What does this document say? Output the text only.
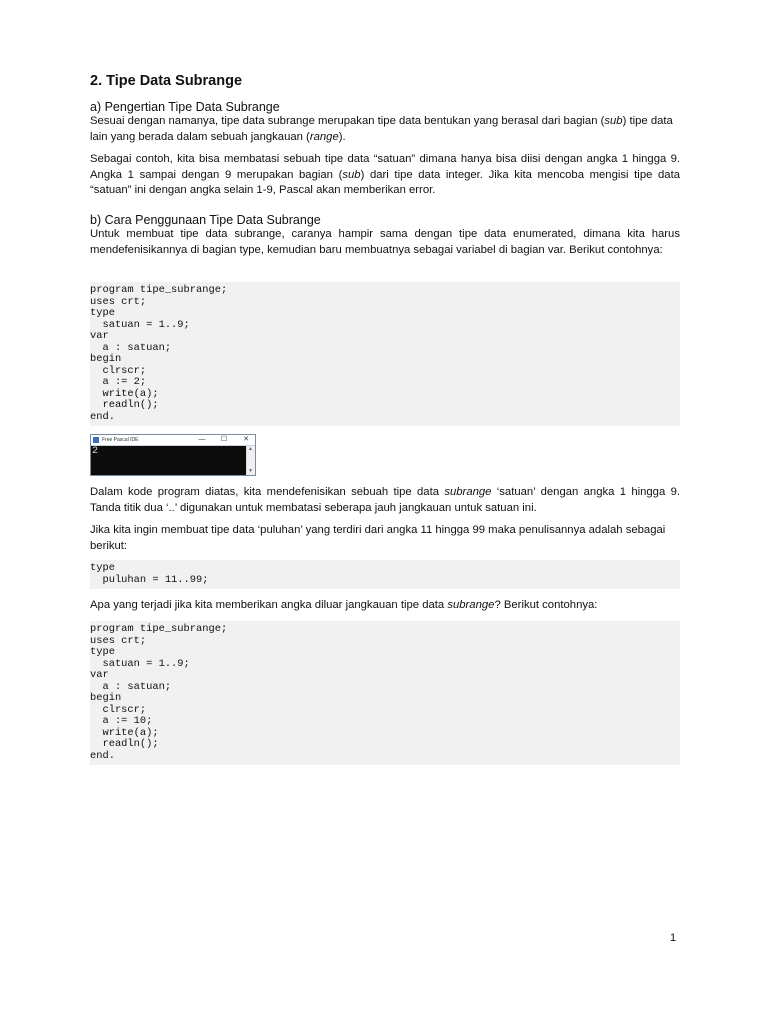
2. Tipe Data Subrange
a) Pengertian Tipe Data Subrange

Sesuai dengan namanya, tipe data subrange merupakan tipe data bentukan yang berasal dari bagian (sub) tipe data lain yang berada dalam sebuah jangkauan (range).

Sebagai contoh, kita bisa membatasi sebuah tipe data “satuan” dimana hanya bisa diisi dengan angka 1 hingga 9. Angka 1 sampai dengan 9 merupakan bagian (sub) dari tipe data integer. Jika kita mencoba mengisi tipe data “satuan” ini dengan angka selain 1-9, Pascal akan memberikan error.

b) Cara Penggunaan Tipe Data Subrange

Untuk membuat tipe data subrange, caranya hampir sama dengan tipe data enumerated, dimana kita harus mendefenisikannya di bagian type, kemudian baru membuatnya sebagai variabel di bagian var. Berikut contohnya:

program tipe_subrange;
uses crt;
type
satuan = 1..9;
var
a : satuan;
begin
clrscr;
a := 2;
write(a);
readln();
end.
Free Pascal IDE	—	☐	✕
2	▲
▼

Dalam kode program diatas, kita mendefenisikan sebuah tipe data subrange ‘satuan’ dengan angka 1 hingga 9. Tanda titik dua ‘..’ digunakan untuk membatasi seberapa jauh jangkauan untuk satuan ini.

Jika kita ingin membuat tipe data ‘puluhan’ yang terdiri dari angka 11 hingga 99 maka penulisannya adalah sebagai berikut:

type
puluhan = 11..99;

Apa yang terjadi jika kita memberikan angka diluar jangkauan tipe data subrange? Berikut contohnya:

program tipe_subrange;
uses crt;
type
satuan = 1..9;
var
a : satuan;
begin
clrscr;
a := 10;
write(a);
readln();
end.
1
